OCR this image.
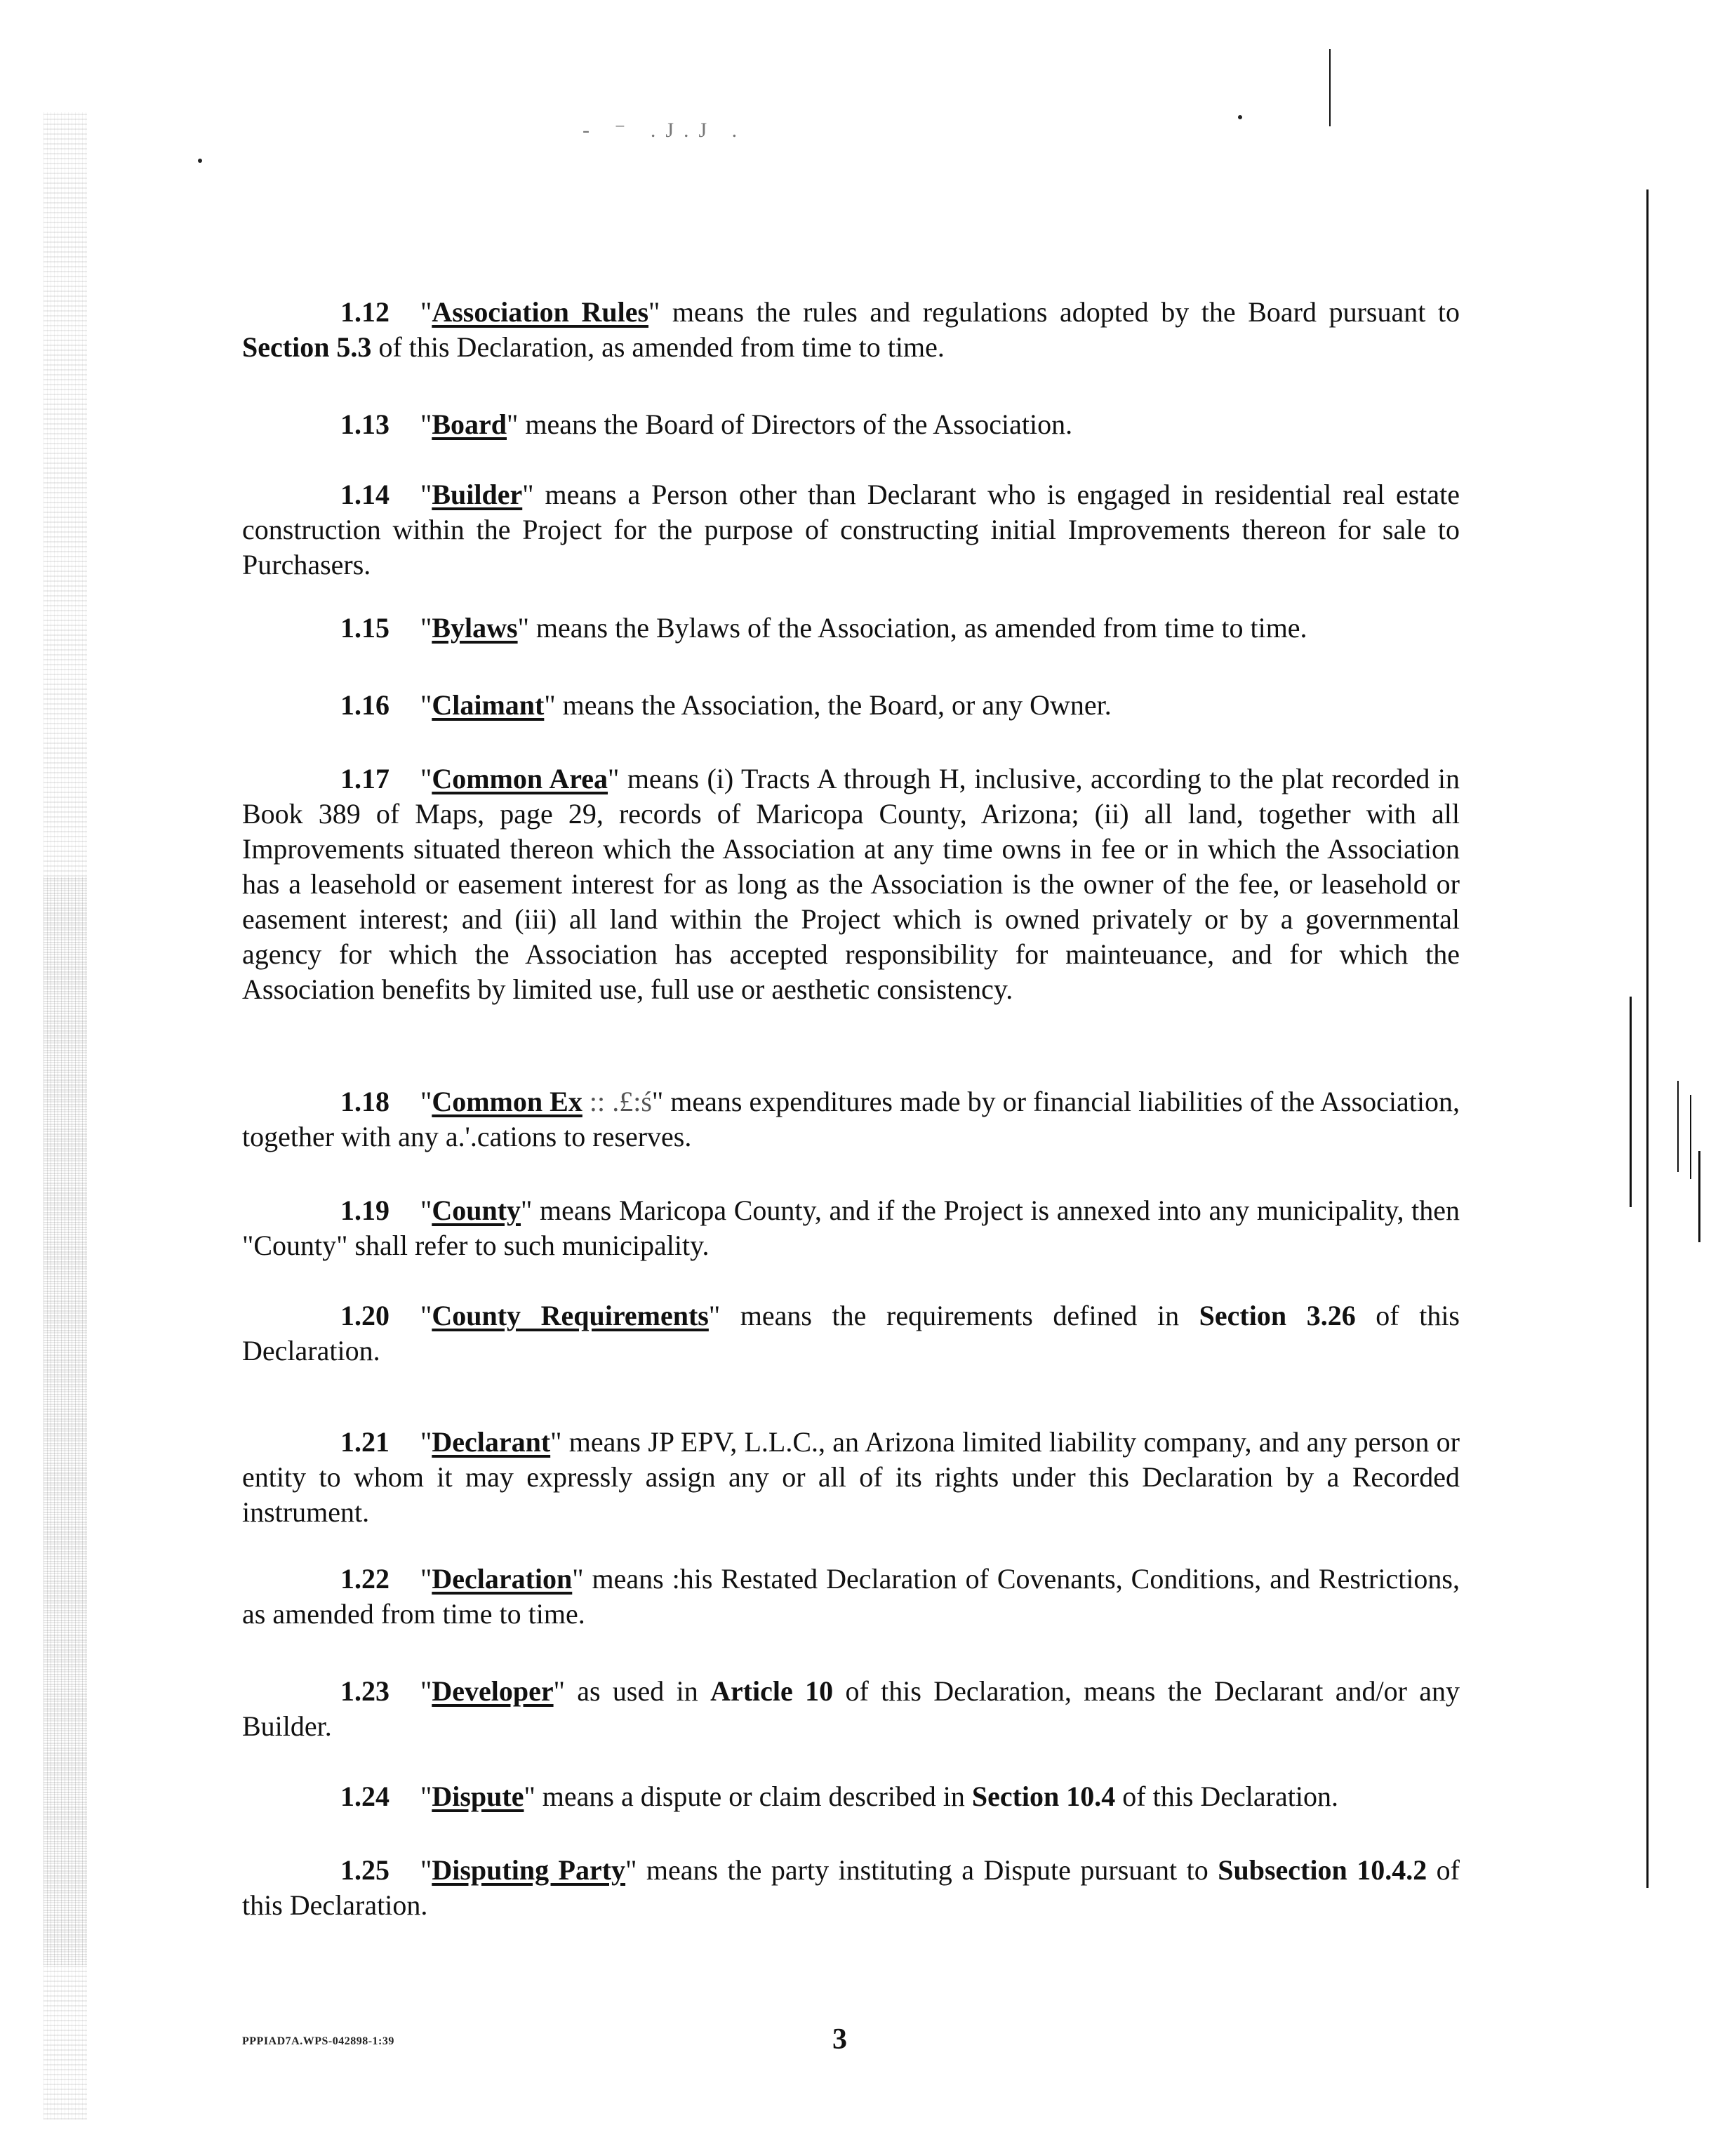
- ⁻ .J.J .
1.12 "Association Rules" means the rules and regulations adopted by the Board pursuant to Section 5.3 of this Declaration, as amended from time to time.
1.13 "Board" means the Board of Directors of the Association.
1.14 "Builder" means a Person other than Declarant who is engaged in residential real estate construction within the Project for the purpose of constructing initial Improvements thereon for sale to Purchasers.
1.15 "Bylaws" means the Bylaws of the Association, as amended from time to time.
1.16 "Claimant" means the Association, the Board, or any Owner.
1.17 "Common Area" means (i) Tracts A through H, inclusive, according to the plat recorded in Book 389 of Maps, page 29, records of Maricopa County, Arizona; (ii) all land, together with all Improvements situated thereon which the Association at any time owns in fee or in which the Association has a leasehold or easement interest for as long as the Association is the owner of the fee, or leasehold or easement interest; and (iii) all land within the Project which is owned privately or by a governmental agency for which the Association has accepted responsibility for mainteuance, and for which the Association benefits by limited use, full use or aesthetic consistency.
1.18 "Common Ex :: .£:ś" means expenditures made by or financial liabilities of the Association, together with any a.'.cations to reserves.
1.19 "County" means Maricopa County, and if the Project is annexed into any municipality, then "County" shall refer to such municipality.
1.20 "County Requirements" means the requirements defined in Section 3.26 of this Declaration.
1.21 "Declarant" means JP EPV, L.L.C., an Arizona limited liability company, and any person or entity to whom it may expressly assign any or all of its rights under this Declaration by a Recorded instrument.
1.22 "Declaration" means :his Restated Declaration of Covenants, Conditions, and Restrictions, as amended from time to time.
1.23 "Developer" as used in Article 10 of this Declaration, means the Declarant and/or any Builder.
1.24 "Dispute" means a dispute or claim described in Section 10.4 of this Declaration.
1.25 "Disputing Party" means the party instituting a Dispute pursuant to Subsection 10.4.2 of this Declaration.
PPPIAD7A.WPS-042898-1:39	3
